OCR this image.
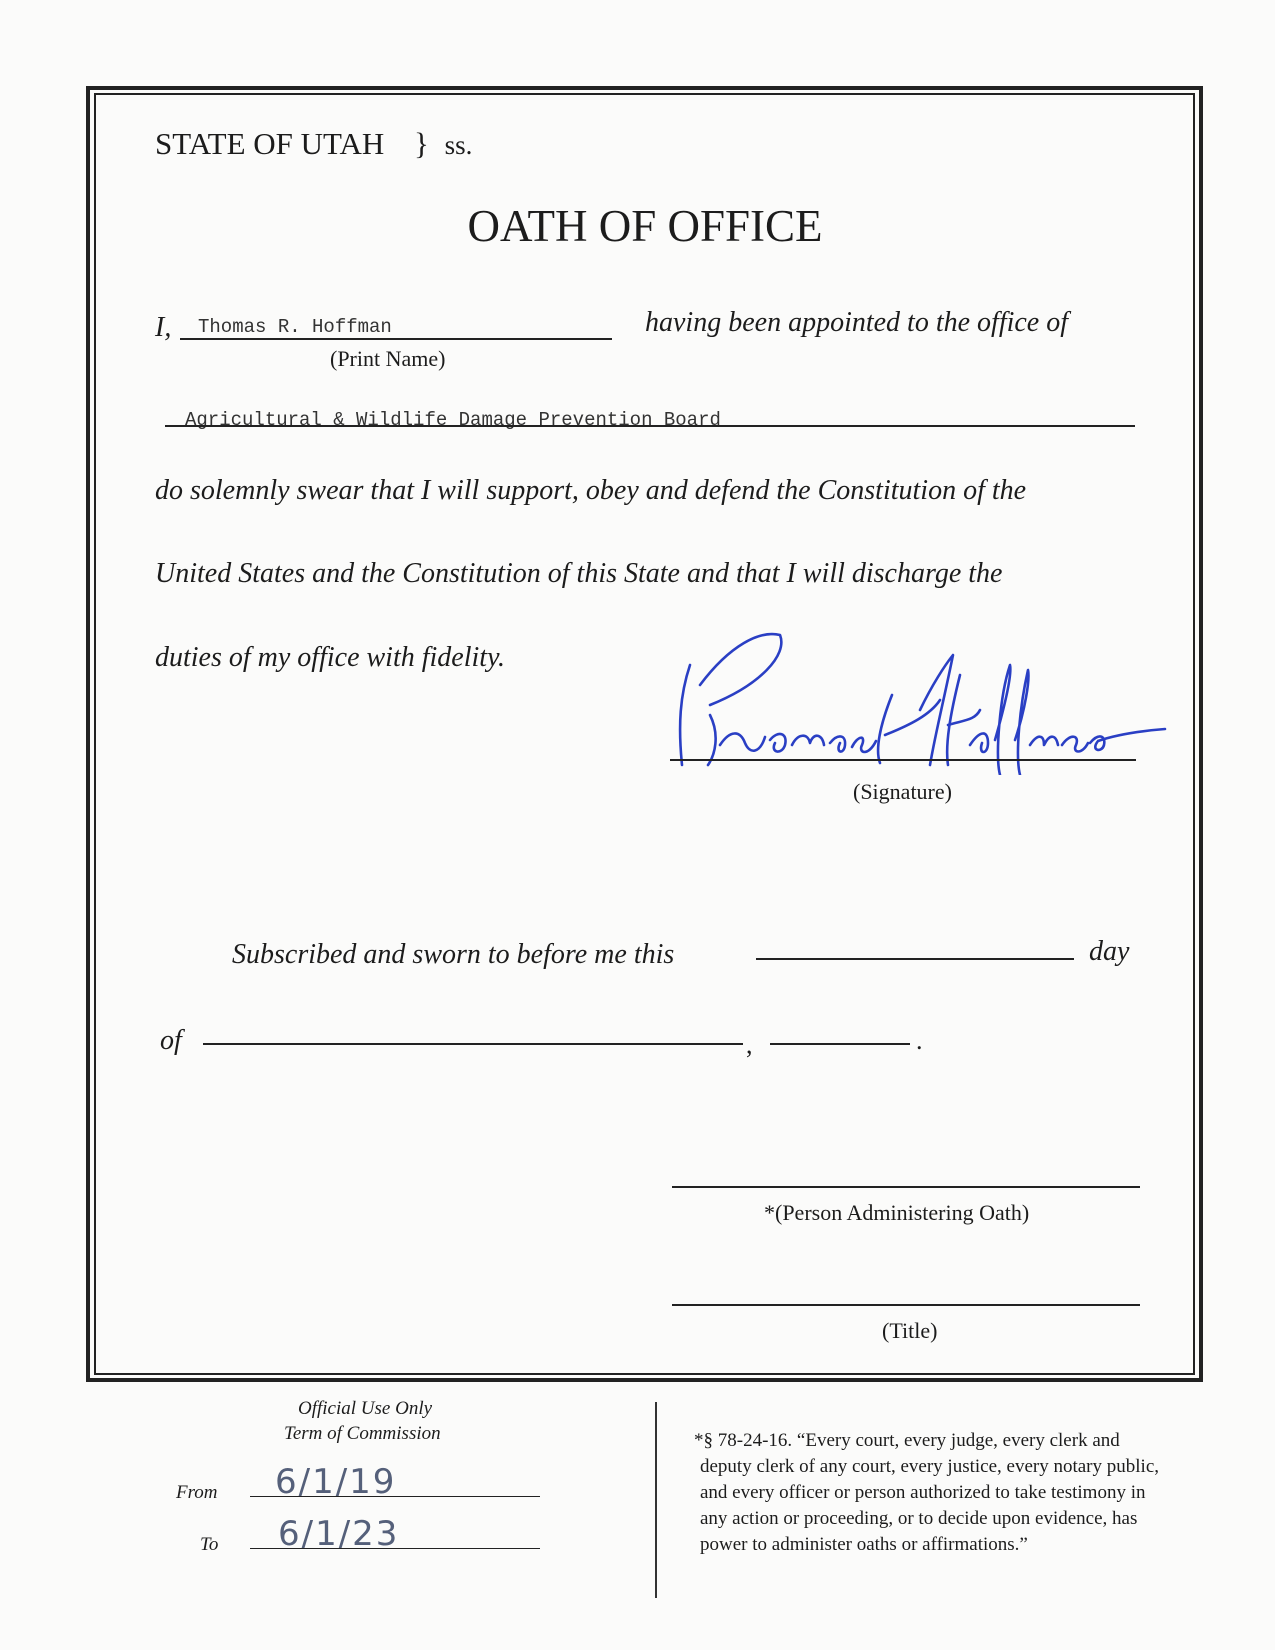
STATE OF UTAH } ss.
OATH OF OFFICE
I, Thomas R. Hoffman	having been appointed to the office of
(Print Name)
Agricultural & Wildlife Damage Prevention Board
do solemnly swear that I will support, obey and defend the Constitution of the
United States and the Constitution of this State and that I will discharge the
duties of my office with fidelity.
(Signature)
Subscribed and sworn to before me this	day
of	,	.
*(Person Administering Oath)
(Title)
Official Use Only
Term of Commission
From 6/1/19
To 6/1/23
*§ 78-24-16. “Every court, every judge, every clerk and
deputy clerk of any court, every justice, every notary public,
and every officer or person authorized to take testimony in
any action or proceeding, or to decide upon evidence, has
power to administer oaths or affirmations.”
